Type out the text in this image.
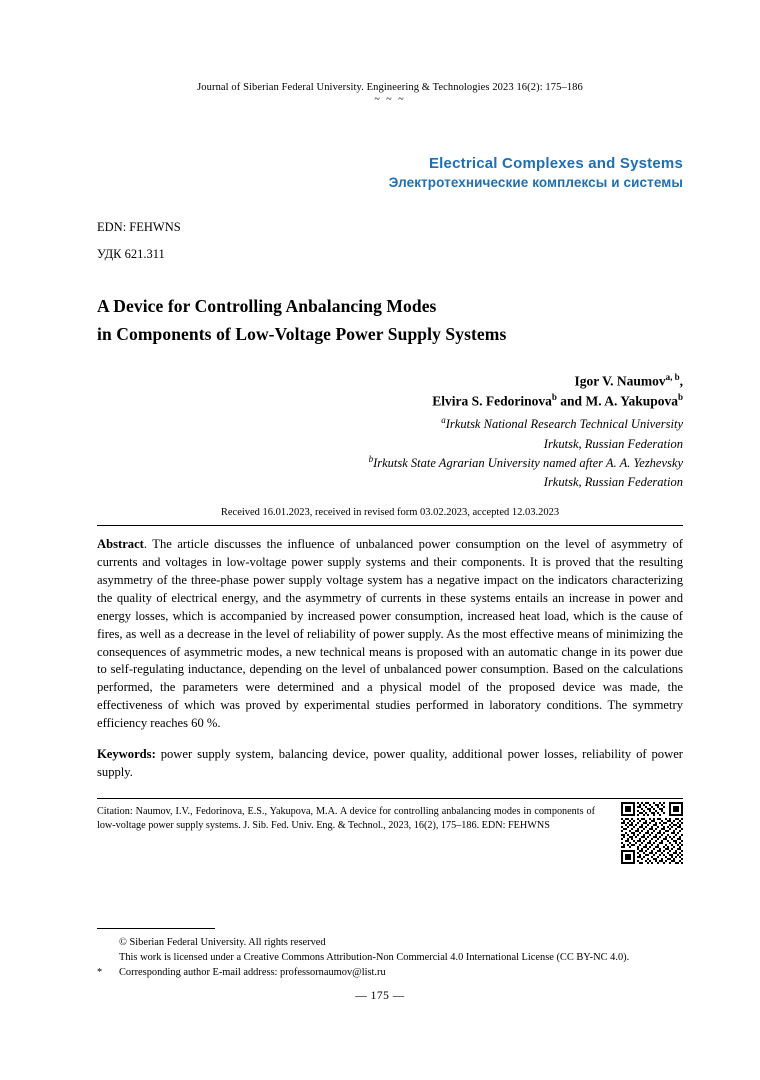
Journal of Siberian Federal University. Engineering & Technologies 2023 16(2): 175–186
~ ~ ~
Electrical Complexes and Systems
Электротехнические комплексы и системы
EDN: FEHWNS
УДК 621.311
A Device for Controlling Anbalancing Modes
in Components of Low-Voltage Power Supply Systems
Igor V. Naumov$^{a, b}$,
Elvira S. Fedorinova$^b$ and M. A. Yakupova$^b$
$^a$Irkutsk National Research Technical University
Irkutsk, Russian Federation
$^b$Irkutsk State Agrarian University named after A. A. Yezhevsky
Irkutsk, Russian Federation
Received 16.01.2023, received in revised form 03.02.2023, accepted 12.03.2023
Abstract. The article discusses the influence of unbalanced power consumption on the level of asymmetry of currents and voltages in low-voltage power supply systems and their components. It is proved that the resulting asymmetry of the three-phase power supply voltage system has a negative impact on the indicators characterizing the quality of electrical energy, and the asymmetry of currents in these systems entails an increase in power and energy losses, which is accompanied by increased power consumption, increased heat load, which is the cause of fires, as well as a decrease in the level of reliability of power supply. As the most effective means of minimizing the consequences of asymmetric modes, a new technical means is proposed with an automatic change in its power due to self-regulating inductance, depending on the level of unbalanced power consumption. Based on the calculations performed, the parameters were determined and a physical model of the proposed device was made, the effectiveness of which was proved by experimental studies performed in laboratory conditions. The symmetry efficiency reaches 60 %.
Keywords: power supply system, balancing device, power quality, additional power losses, reliability of power supply.
Citation: Naumov, I.V., Fedorinova, E.S., Yakupova, M.A. A device for controlling anbalancing modes in components of low-voltage power supply systems. J. Sib. Fed. Univ. Eng. & Technol., 2023, 16(2), 175–186. EDN: FEHWNS
© Siberian Federal University. All rights reserved
This work is licensed under a Creative Commons Attribution-Non Commercial 4.0 International License (CC BY-NC 4.0).
* Corresponding author E-mail address: professornaumov@list.ru
— 175 —
